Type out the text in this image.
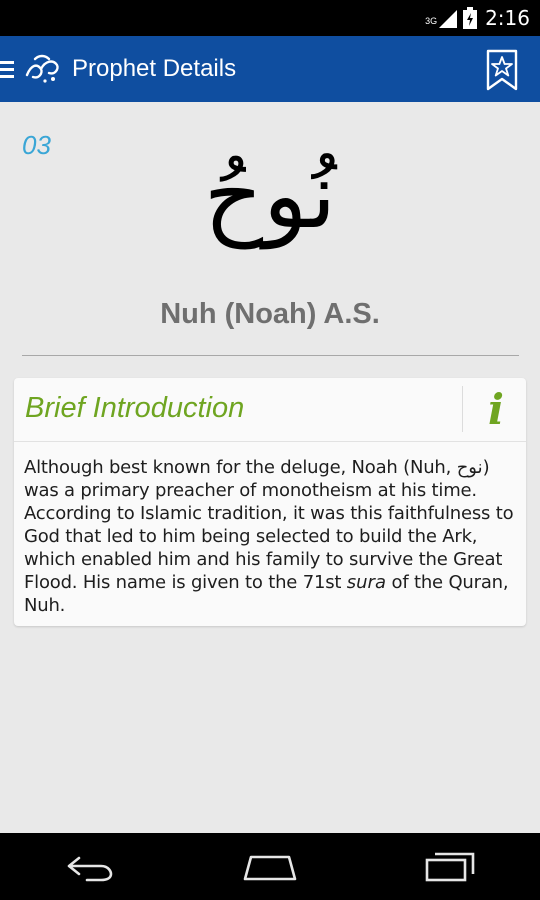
3G 2:16
Prophet Details
03	نُوحُ
Nuh (Noah) A.S.
Brief Introduction	i
Although best known for the deluge, Noah (Nuh, نوح) was a primary preacher of monotheism at his time. According to Islamic tradition, it was this faithfulness to God that led to him being selected to build the Ark, which enabled him and his family to survive the Great Flood. His name is given to the 71st sura of the Quran, Nuh.
